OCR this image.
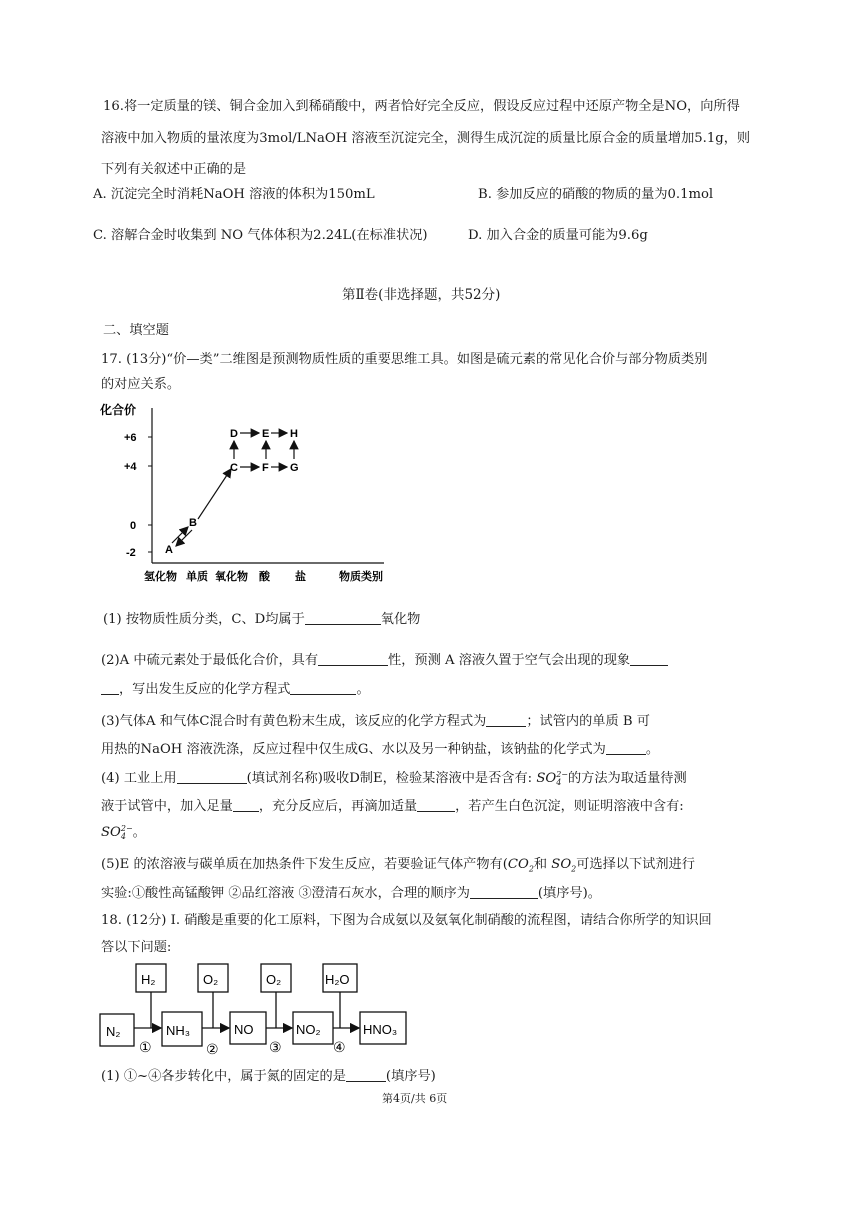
16.将一定质量的镁、铜合金加入到稀硝酸中，两者恰好完全反应，假设反应过程中还原产物全是NO，向所得
溶液中加入物质的量浓度为3mol/LNaOH 溶液至沉淀完全，测得生成沉淀的质量比原合金的质量增加5.1g，则
下列有关叙述中正确的是
A. 沉淀完全时消耗NaOH 溶液的体积为150mL	B. 参加反应的硝酸的物质的量为0.1mol
C. 溶解合金时收集到 NO 气体体积为2.24L(在标准状况)	D. 加入合金的质量可能为9.6g
第Ⅱ卷(非选择题，共52分)
二、填空题
17. (13分)“价—类”二维图是预测物质性质的重要思维工具。如图是硫元素的常见化合价与部分物质类别
的对应关系。
化合价
+6
+4
0
-2
氢化物 单质 氧化物 酸 盐	物质类别
A
B
C
D E
F
H
G
(1) 按物质性质分类，C、D均属于	氧化物
(2)A 中硫元素处于最低化合价，具有	性，预测 A 溶液久置于空气会出现的现象
，写出发生反应的化学方程式	。
(3)气体A 和气体C混合时有黄色粉末生成，该反应的化学方程式为	；试管内的单质 B 可
用热的NaOH 溶液洗涤，反应过程中仅生成G、水以及另一种钠盐，该钠盐的化学式为	。
(4) 工业上用	(填试剂名称)吸收D制E，检验某溶液中是否含有: SO 2−
4 的方法为取适量待测
液于试管中，加入足量 ，充分反应后，再滴加适量	，若产生白色沉淀，则证明溶液中含有:
SO 2−
4 。
(5)E 的浓溶液与碳单质在加热条件下发生反应，若要验证气体产物有($CO_2$和 $SO_2$可选择以下试剂进行
实验:①酸性高锰酸钾 ②品红溶液 ③澄清石灰水，合理的顺序为	(填序号)。
18. (12分) I. 硝酸是重要的化工原料，下图为合成氨以及氨氧化制硝酸的流程图，请结合你所学的知识回
答以下问题:
H₂	O₂	O₂	H₂O
N₂	NH₃	NO	NO₂	HNO₃
①	②	③	④
(1) ①~④各步转化中，属于氮的固定的是	(填序号)
第4页/共 6页
